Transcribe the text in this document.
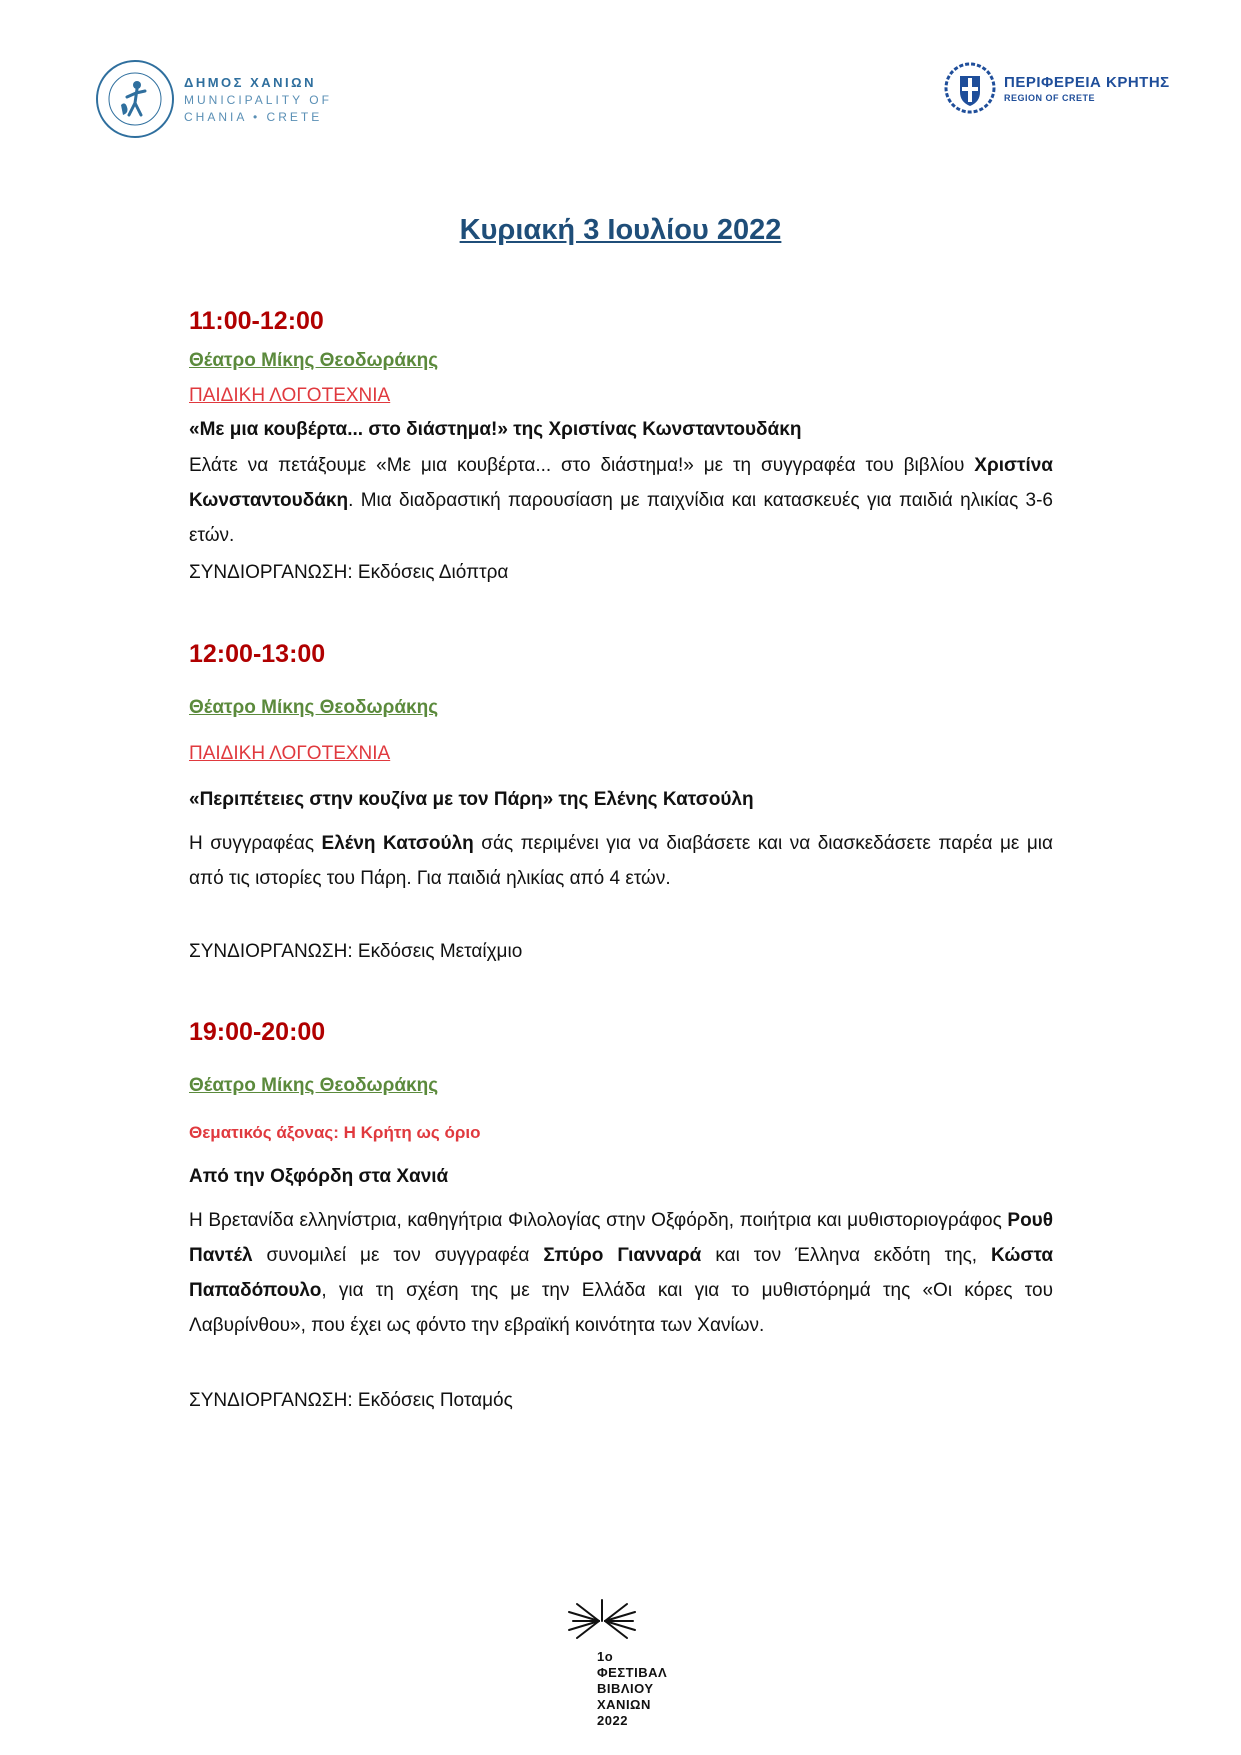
ΔΗΜΟΣ ΧΑΝΙΩΝ
MUNICIPALITY OF
CHANIA • CRETE
ΠΕΡΙΦΕΡΕΙΑ ΚΡΗΤΗΣ
REGION OF CRETE
Κυριακή 3 Ιουλίου 2022
11:00-12:00
Θέατρο Μίκης Θεοδωράκης
ΠΑΙΔΙΚΗ ΛΟΓΟΤΕΧΝΙΑ
«Με μια κουβέρτα... στο διάστημα!» της Χριστίνας Κωνσταντουδάκη
Ελάτε να πετάξουμε «Με μια κουβέρτα... στο διάστημα!» με τη συγγραφέα του βιβλίου Χριστίνα Κωνσταντουδάκη. Μια διαδραστική παρουσίαση με παιχνίδια και κατασκευές για παιδιά ηλικίας 3-6 ετών.
ΣΥΝΔΙΟΡΓΑΝΩΣΗ: Εκδόσεις Διόπτρα
12:00-13:00
Θέατρο Μίκης Θεοδωράκης
ΠΑΙΔΙΚΗ ΛΟΓΟΤΕΧΝΙΑ
«Περιπέτειες στην κουζίνα με τον Πάρη» της Ελένης Κατσούλη
Η συγγραφέας Ελένη Κατσούλη σάς περιμένει για να διαβάσετε και να διασκεδάσετε παρέα με μια από τις ιστορίες του Πάρη. Για παιδιά ηλικίας από 4 ετών.
ΣΥΝΔΙΟΡΓΑΝΩΣΗ: Εκδόσεις Μεταίχμιο
19:00-20:00
Θέατρο Μίκης Θεοδωράκης
Θεματικός άξονας: Η Κρήτη ως όριο
Από την Οξφόρδη στα Χανιά
Η Βρετανίδα ελληνίστρια, καθηγήτρια Φιλολογίας στην Οξφόρδη, ποιήτρια και μυθιστοριογράφος Ρουθ Παντέλ συνομιλεί με τον συγγραφέα Σπύρο Γιανναρά και τον Έλληνα εκδότη της, Κώστα Παπαδόπουλο, για τη σχέση της με την Ελλάδα και για το μυθιστόρημά της «Οι κόρες του Λαβυρίνθου», που έχει ως φόντο την εβραϊκή κοινότητα των Χανίων.
ΣΥΝΔΙΟΡΓΑΝΩΣΗ: Εκδόσεις Ποταμός
1ο
ΦΕΣΤΙΒΑΛ
ΒΙΒΛΙΟΥ
ΧΑΝΙΩΝ
2022
